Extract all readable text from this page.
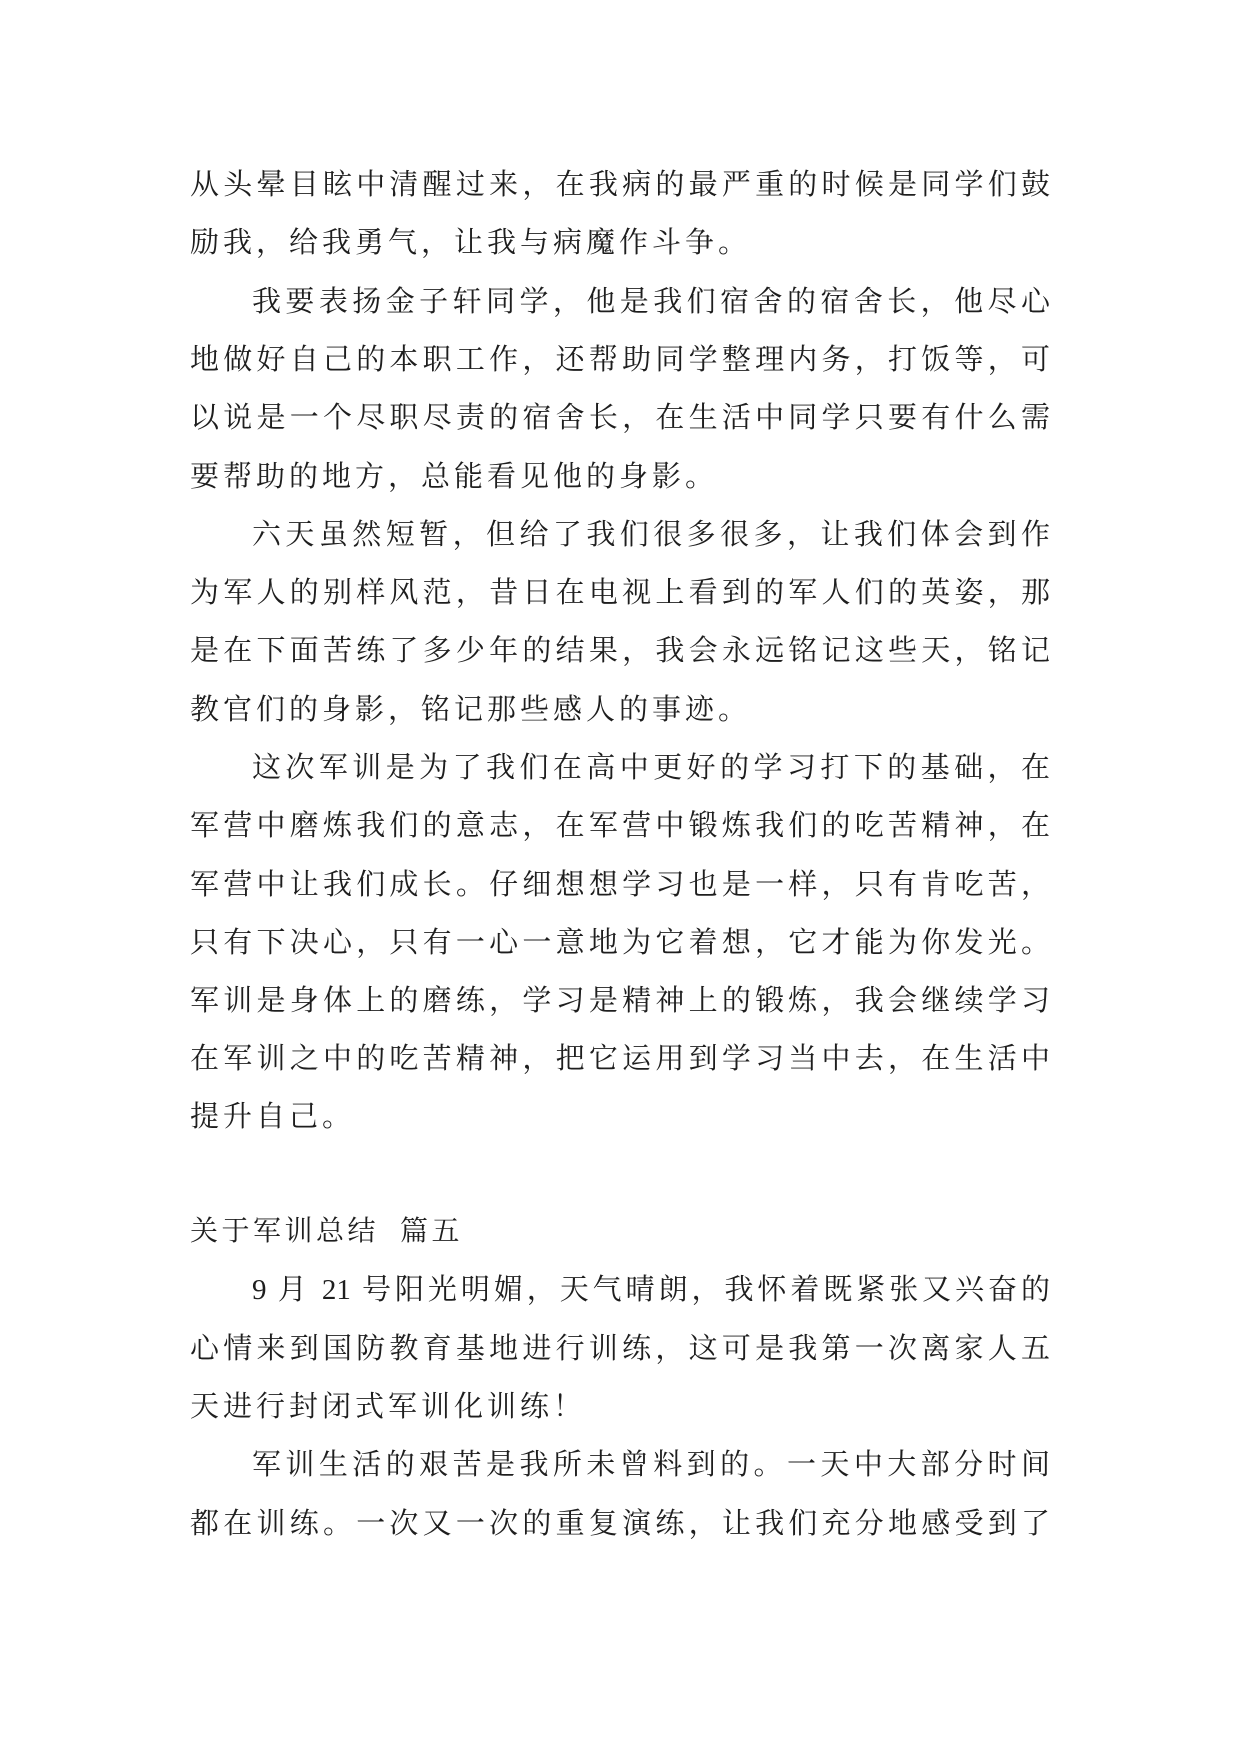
从头晕目眩中清醒过来，在我病的最严重的时候是同学们鼓
励我，给我勇气，让我与病魔作斗争。
我要表扬金子轩同学，他是我们宿舍的宿舍长，他尽心
地做好自己的本职工作，还帮助同学整理内务，打饭等，可
以说是一个尽职尽责的宿舍长，在生活中同学只要有什么需
要帮助的地方，总能看见他的身影。
六天虽然短暂，但给了我们很多很多，让我们体会到作
为军人的别样风范，昔日在电视上看到的军人们的英姿，那
是在下面苦练了多少年的结果，我会永远铭记这些天，铭记
教官们的身影，铭记那些感人的事迹。
这次军训是为了我们在高中更好的学习打下的基础，在
军营中磨炼我们的意志，在军营中锻炼我们的吃苦精神，在
军营中让我们成长。仔细想想学习也是一样，只有肯吃苦，
只有下决心，只有一心一意地为它着想，它才能为你发光。
军训是身体上的磨练，学习是精神上的锻炼，我会继续学习
在军训之中的吃苦精神，把它运用到学习当中去，在生活中
提升自己。
关于军训总结  篇五
9 月 21 号阳光明媚，天气晴朗，我怀着既紧张又兴奋的
心情来到国防教育基地进行训练，这可是我第一次离家人五
天进行封闭式军训化训练！
军训生活的艰苦是我所未曾料到的。一天中大部分时间
都在训练。一次又一次的重复演练，让我们充分地感受到了
